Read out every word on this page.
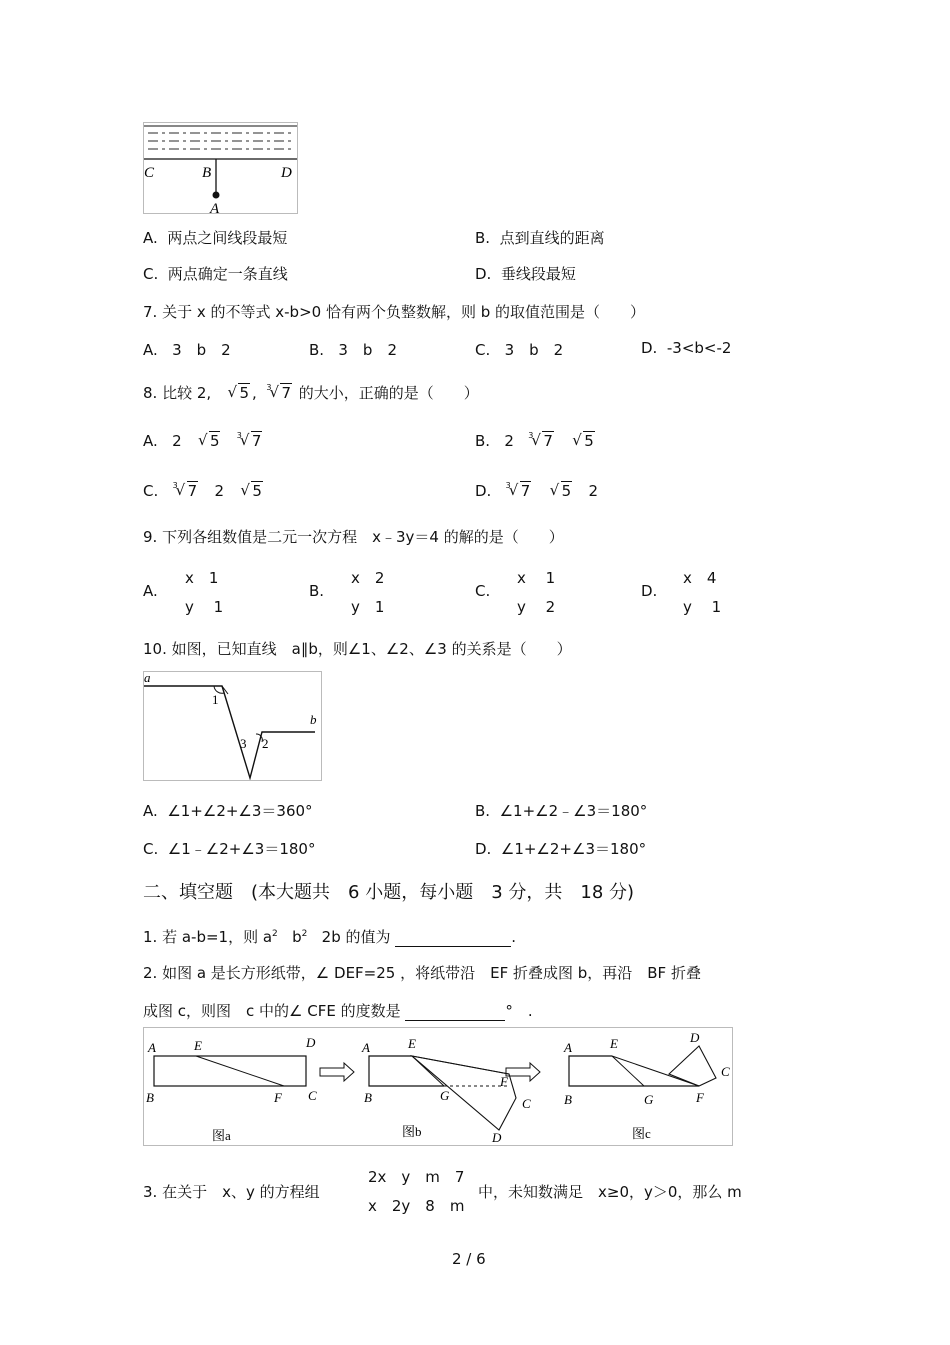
C	B	D
A
A. 两点之间线段最短	B. 点到直线的距离
C. 两点确定一条直线	D. 垂线段最短
7. 关于 x 的不等式 x-b>0 恰有两个负整数解，则 b 的取值范围是（　　）
A. 3　b　2	B. 3　b　2	C. 3　b　2	D. -3<b<-2
8. 比较 2, √ 5 , $^3$ √ 7 的大小，正确的是（　　）
A. 2 √ 5 $^3$ √ 7	B. 2 $^3$ √ 7 √ 5
C. $^3$ √ 7 2 √ 5	D. $^3$ √ 7 √ 5 2
9. 下列各组数值是二元一次方程　x﹣3y＝4 的解的是（　　）
A.
x　1
y　 1
B.
x　2
y　1
C.
x　 1
y　 2
D.
x　4
y　 1
10. 如图，已知直线　a∥b，则∠1、∠2、∠3 的关系是（　　）
a
1
b
3 2
A. ∠1+∠2+∠3＝360°	B. ∠1+∠2﹣∠3＝180°
C. ∠1﹣∠2+∠3＝180°	D. ∠1+∠2+∠3＝180°
二、填空题　(本大题共　6 小题，每小题　3 分，共　18 分)
1. 若 a-b=1，则 $a^2$ $b^2$ 2b 的值为	.
2. 如图 a 是长方形纸带，∠ DEF=25 ，将纸带沿　EF 折叠成图 b，再沿　BF 折叠
成图 c，则图　c 中的∠ CFE 的度数是	°　.
A	E	D
B	F C
图a
A	E
F
B	G
C
D
图b
A	E	D
C
B	G	F
图c
3. 在关于　x、y 的方程组
2x　y　m　7
x　2y　8　m
中，未知数满足　x≥0，y＞0，那么 m
2 / 6
